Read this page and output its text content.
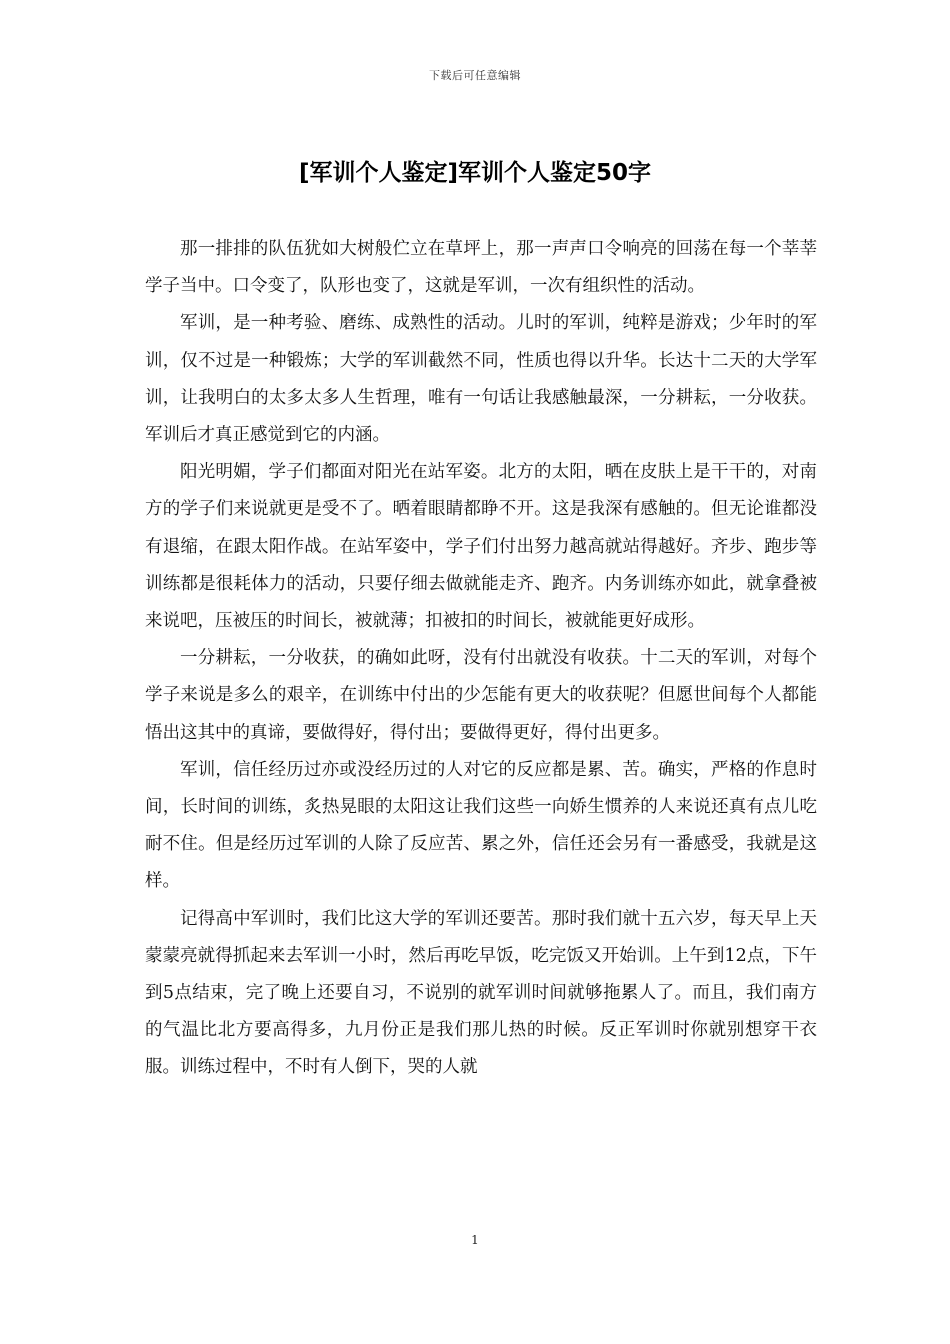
下载后可任意编辑
[军训个人鉴定]军训个人鉴定50字

那一排排的队伍犹如大树般伫立在草坪上，那一声声口令响亮的回荡在每一个莘莘学子当中。口令变了，队形也变了，这就是军训，一次有组织性的活动。

军训，是一种考验、磨练、成熟性的活动。儿时的军训，纯粹是游戏；少年时的军训，仅不过是一种锻炼；大学的军训截然不同，性质也得以升华。长达十二天的大学军训，让我明白的太多太多人生哲理，唯有一句话让我感触最深，一分耕耘，一分收获。军训后才真正感觉到它的内涵。

阳光明媚，学子们都面对阳光在站军姿。北方的太阳，晒在皮肤上是干干的，对南方的学子们来说就更是受不了。晒着眼睛都睁不开。这是我深有感触的。但无论谁都没有退缩，在跟太阳作战。在站军姿中，学子们付出努力越高就站得越好。齐步、跑步等训练都是很耗体力的活动，只要仔细去做就能走齐、跑齐。内务训练亦如此，就拿叠被来说吧，压被压的时间长，被就薄；扣被扣的时间长，被就能更好成形。

一分耕耘，一分收获，的确如此呀，没有付出就没有收获。十二天的军训，对每个学子来说是多么的艰辛，在训练中付出的少怎能有更大的收获呢？但愿世间每个人都能悟出这其中的真谛，要做得好，得付出；要做得更好，得付出更多。

军训，信任经历过亦或没经历过的人对它的反应都是累、苦。确实，严格的作息时间，长时间的训练，炙热晃眼的太阳这让我们这些一向娇生惯养的人来说还真有点儿吃耐不住。但是经历过军训的人除了反应苦、累之外，信任还会另有一番感受，我就是这样。

记得高中军训时，我们比这大学的军训还要苦。那时我们就十五六岁，每天早上天蒙蒙亮就得抓起来去军训一小时，然后再吃早饭，吃完饭又开始训。上午到12点，下午到5点结束，完了晚上还要自习，不说别的就军训时间就够拖累人了。而且，我们南方的气温比北方要高得多，九月份正是我们那儿热的时候。反正军训时你就别想穿干衣服。训练过程中，不时有人倒下，哭的人就

1
